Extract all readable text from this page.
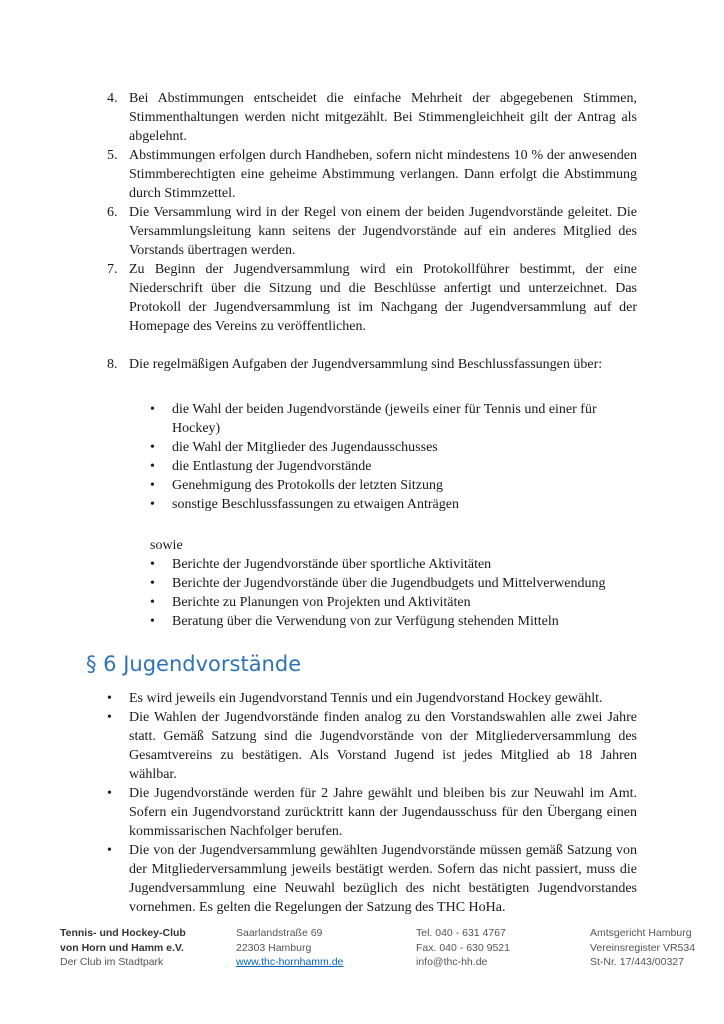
4. Bei Abstimmungen entscheidet die einfache Mehrheit der abgegebenen Stimmen, Stimmenthaltungen werden nicht mitgezählt. Bei Stimmengleichheit gilt der Antrag als abgelehnt.
5. Abstimmungen erfolgen durch Handheben, sofern nicht mindestens 10 % der anwesenden Stimmberechtigten eine geheime Abstimmung verlangen. Dann erfolgt die Abstimmung durch Stimmzettel.
6. Die Versammlung wird in der Regel von einem der beiden Jugendvorstände geleitet. Die Versammlungsleitung kann seitens der Jugendvorstände auf ein anderes Mitglied des Vorstands übertragen werden.
7. Zu Beginn der Jugendversammlung wird ein Protokollführer bestimmt, der eine Niederschrift über die Sitzung und die Beschlüsse anfertigt und unterzeichnet. Das Protokoll der Jugendversammlung ist im Nachgang der Jugendversammlung auf der Homepage des Vereins zu veröffentlichen.
8. Die regelmäßigen Aufgaben der Jugendversammlung sind Beschlussfassungen über:
•	die Wahl der beiden Jugendvorstände (jeweils einer für Tennis und einer für Hockey)
•	die Wahl der Mitglieder des Jugendausschusses
•	die Entlastung der Jugendvorstände
•	Genehmigung des Protokolls der letzten Sitzung
•	sonstige Beschlussfassungen zu etwaigen Anträgen
sowie
•	Berichte der Jugendvorstände über sportliche Aktivitäten
•	Berichte der Jugendvorstände über die Jugendbudgets und Mittelverwendung
•	Berichte zu Planungen von Projekten und Aktivitäten
•	Beratung über die Verwendung von zur Verfügung stehenden Mitteln
§ 6 Jugendvorstände
•	Es wird jeweils ein Jugendvorstand Tennis und ein Jugendvorstand Hockey gewählt.
•	Die Wahlen der Jugendvorstände finden analog zu den Vorstandswahlen alle zwei Jahre statt. Gemäß Satzung sind die Jugendvorstände von der Mitgliederversammlung des Gesamtvereins zu bestätigen. Als Vorstand Jugend ist jedes Mitglied ab 18 Jahren wählbar.
•	Die Jugendvorstände werden für 2 Jahre gewählt und bleiben bis zur Neuwahl im Amt. Sofern ein Jugendvorstand zurücktritt kann der Jugendausschuss für den Übergang einen kommissarischen Nachfolger berufen.
•	Die von der Jugendversammlung gewählten Jugendvorstände müssen gemäß Satzung von der Mitgliederversammlung jeweils bestätigt werden. Sofern das nicht passiert, muss die Jugendversammlung eine Neuwahl bezüglich des nicht bestätigten Jugendvorstandes vornehmen. Es gelten die Regelungen der Satzung des THC HoHa.
Tennis- und Hockey-Club
von Horn und Hamm e.V.
Der Club im Stadtpark
Saarlandstraße 69
22303 Hamburg
www.thc-hornhamm.de
Tel. 040 - 631 4767
Fax. 040 - 630 9521
info@thc-hh.de
Amtsgericht Hamburg
Vereinsregister VR534
St-Nr. 17/443/00327
